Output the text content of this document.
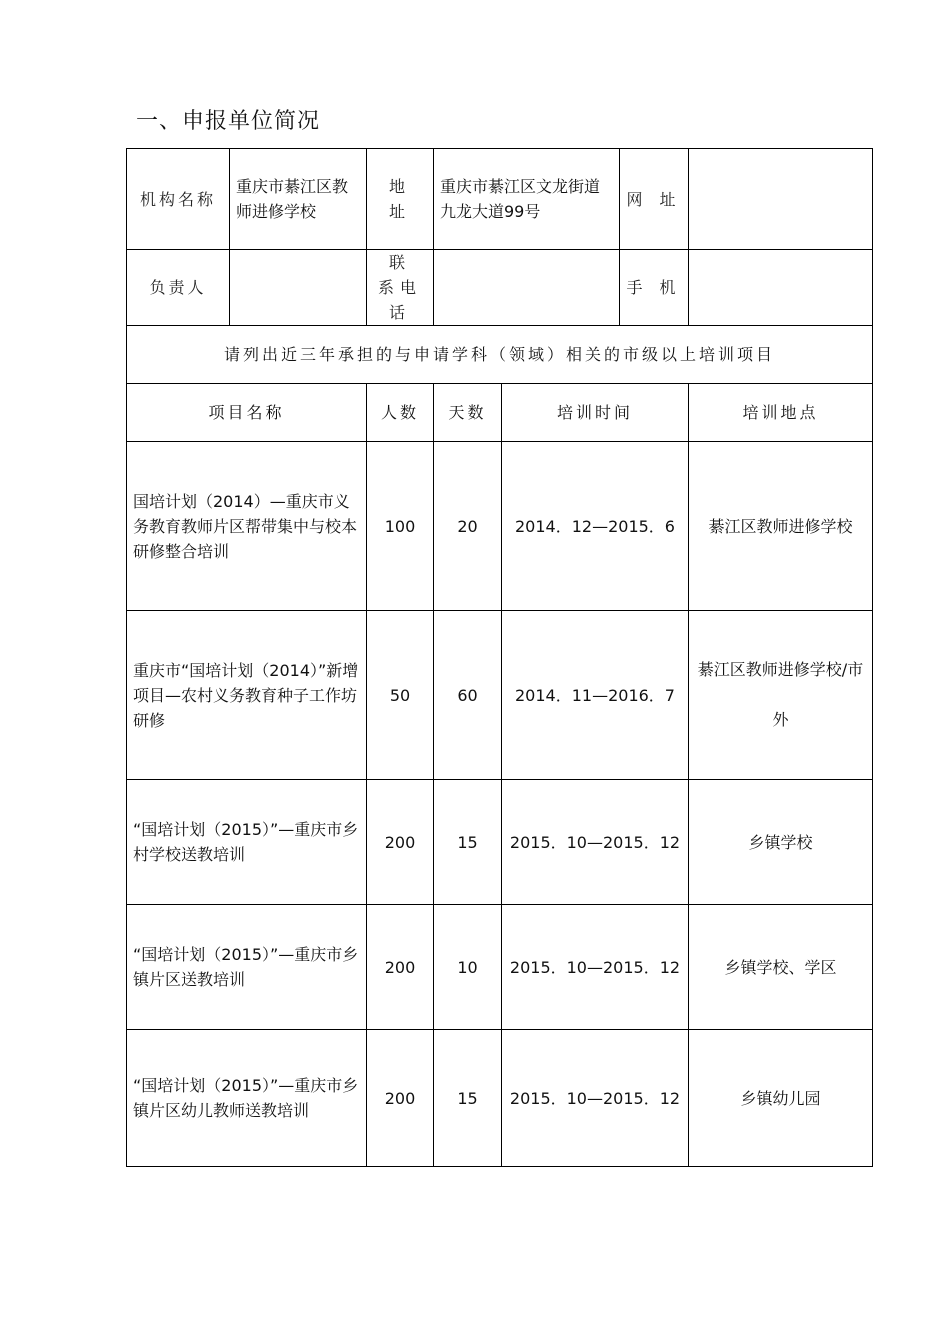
一、申报单位简况
机构名称	重庆市綦江区教师进修学校	地 址	重庆市綦江区文龙街道九龙大道99号		网 址	
负责人		联 系电 话			手 机	
请列出近三年承担的与申请学科（领域）相关的市级以上培训项目						
项目名称		人数	天数	培训时间		培训地点
国培计划（2014）—重庆市义务教育教师片区帮带集中与校本研修整合培训		100	20	2014．12—2015．6		綦江区教师进修学校
重庆市“国培计划（2014）”新增项目—农村义务教育种子工作坊研修		50	60	2014．11—2016．7		綦江区教师进修学校/市外
“国培计划（2015）”—重庆市乡村学校送教培训		200	15	2015．10—2015．12		乡镇学校
“国培计划（2015）”—重庆市乡镇片区送教培训		200	10	2015．10—2015．12		乡镇学校、学区
“国培计划（2015）”—重庆市乡镇片区幼儿教师送教培训		200	15	2015．10—2015．12		乡镇幼儿园
